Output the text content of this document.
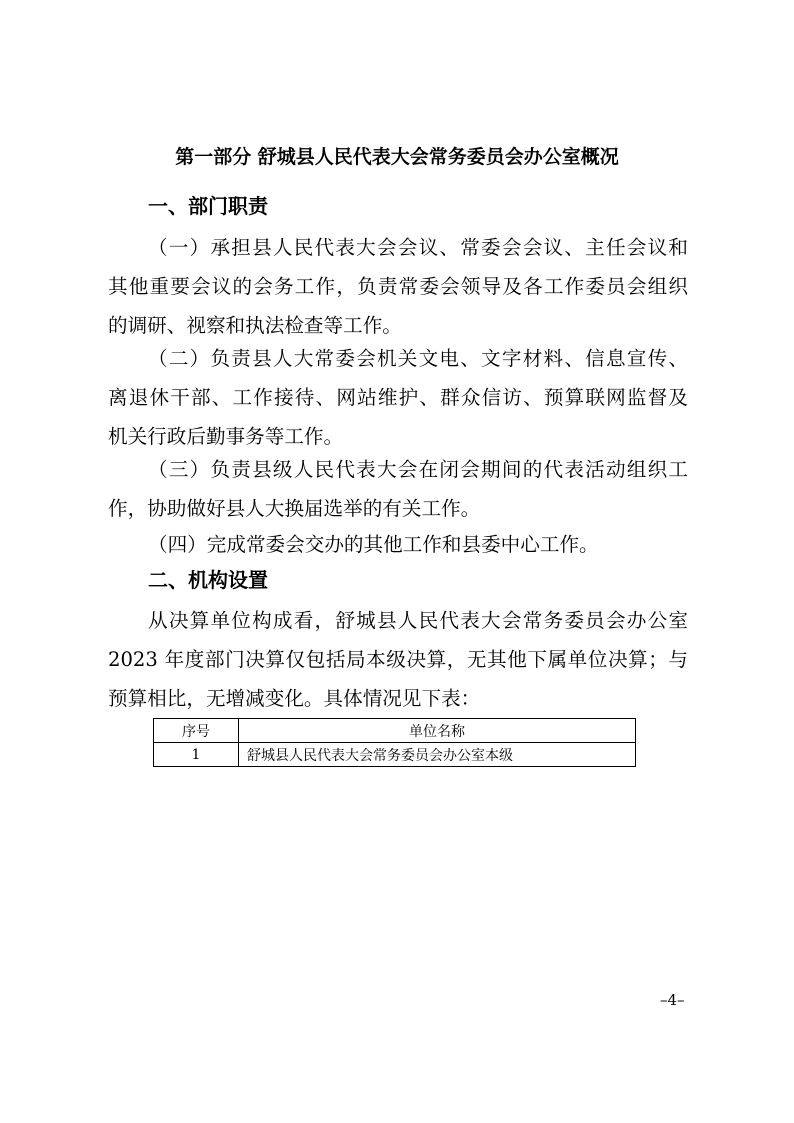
第一部分 舒城县人民代表大会常务委员会办公室概况
一、部门职责
（一）承担县人民代表大会会议、常委会会议、主任会议和
其他重要会议的会务工作，负责常委会领导及各工作委员会组织
的调研、视察和执法检查等工作。
（二）负责县人大常委会机关文电、文字材料、信息宣传、
离退休干部、工作接待、网站维护、群众信访、预算联网监督及
机关行政后勤事务等工作。
（三）负责县级人民代表大会在闭会期间的代表活动组织工
作，协助做好县人大换届选举的有关工作。
（四）完成常委会交办的其他工作和县委中心工作。
二、机构设置
从决算单位构成看，舒城县人民代表大会常务委员会办公室
2023 年度部门决算仅包括局本级决算，无其他下属单位决算；与
预算相比，无增减变化。具体情况见下表：
序号	单位名称
1	舒城县人民代表大会常务委员会办公室本级
–4–
